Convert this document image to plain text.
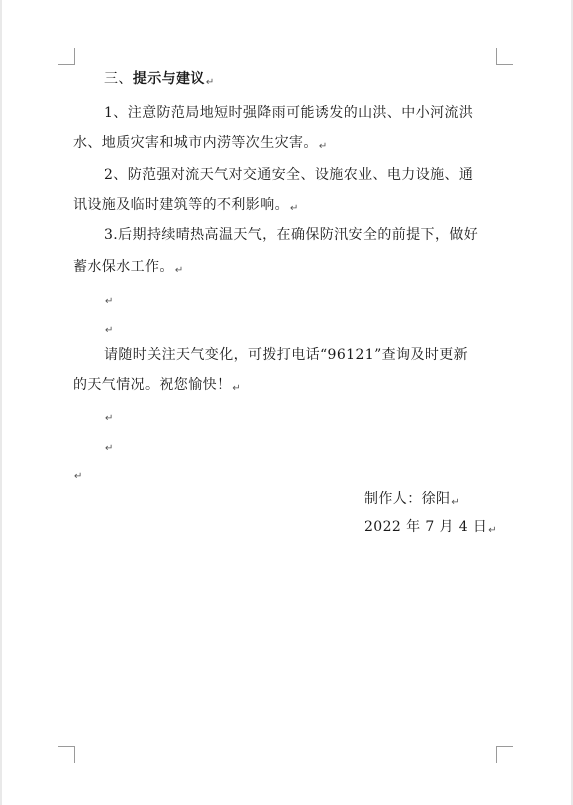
三、提示与建议↵
1、注意防范局地短时强降雨可能诱发的山洪、中小河流洪
水、地质灾害和城市内涝等次生灾害。↵
2、防范强对流天气对交通安全、设施农业、电力设施、通
讯设施及临时建筑等的不利影响。↵
3.后期持续晴热高温天气，在确保防汛安全的前提下，做好
蓄水保水工作。↵
↵
↵
请随时关注天气变化，可拨打电话“96121”查询及时更新
的天气情况。祝您愉快！↵
↵
↵
↵
制作人：徐阳↵
2022 年 7 月 4 日↵
